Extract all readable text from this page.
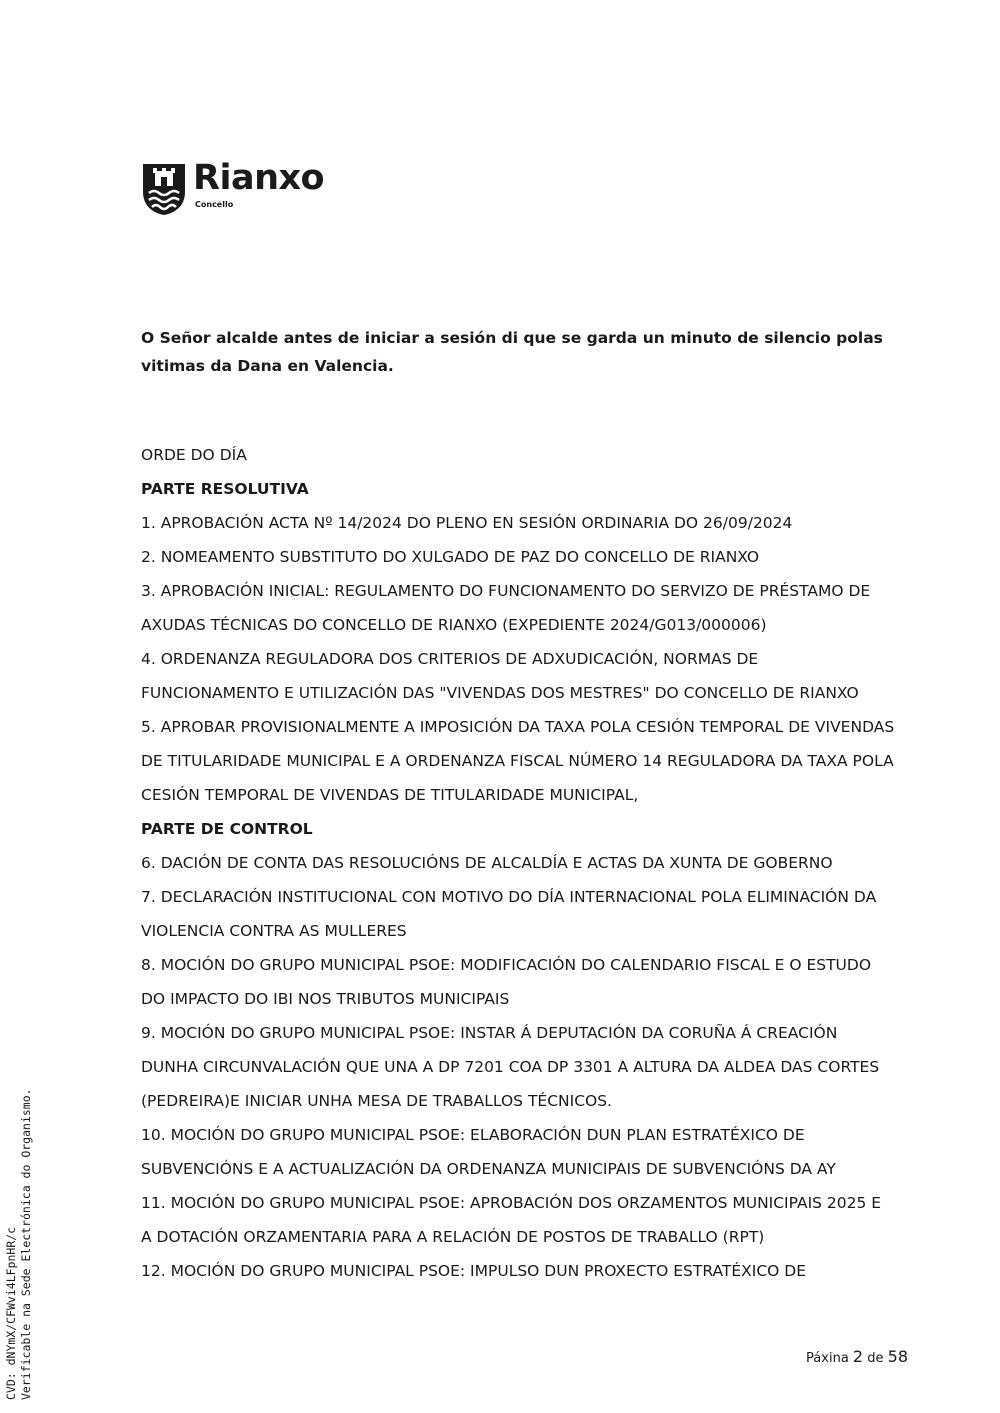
Rianxo
Concello

O Señor alcalde antes de iniciar a sesión di que se garda un minuto de silencio polas vitimas da Dana en Valencia.

ORDE DO DÍA

PARTE RESOLUTIVA

1. APROBACIÓN ACTA Nº 14/2024 DO PLENO EN SESIÓN ORDINARIA DO 26/09/2024

2. NOMEAMENTO SUBSTITUTO DO XULGADO DE PAZ DO CONCELLO DE RIANXO

3. APROBACIÓN INICIAL: REGULAMENTO DO FUNCIONAMENTO DO SERVIZO DE PRÉSTAMO DE

AXUDAS TÉCNICAS DO CONCELLO DE RIANXO (EXPEDIENTE 2024/G013/000006)

4. ORDENANZA REGULADORA DOS CRITERIOS DE ADXUDICACIÓN, NORMAS DE

FUNCIONAMENTO E UTILIZACIÓN DAS "VIVENDAS DOS MESTRES" DO CONCELLO DE RIANXO

5. APROBAR PROVISIONALMENTE A IMPOSICIÓN DA TAXA POLA CESIÓN TEMPORAL DE VIVENDAS

DE TITULARIDADE MUNICIPAL E A ORDENANZA FISCAL NÚMERO 14 REGULADORA DA TAXA POLA

CESIÓN TEMPORAL DE VIVENDAS DE TITULARIDADE MUNICIPAL,

PARTE DE CONTROL

6. DACIÓN DE CONTA DAS RESOLUCIÓNS DE ALCALDÍA E ACTAS DA XUNTA DE GOBERNO

7. DECLARACIÓN INSTITUCIONAL CON MOTIVO DO DÍA INTERNACIONAL POLA ELIMINACIÓN DA

VIOLENCIA CONTRA AS MULLERES

8. MOCIÓN DO GRUPO MUNICIPAL PSOE: MODIFICACIÓN DO CALENDARIO FISCAL E O ESTUDO

DO IMPACTO DO IBI NOS TRIBUTOS MUNICIPAIS

9. MOCIÓN DO GRUPO MUNICIPAL PSOE: INSTAR Á DEPUTACIÓN DA CORUÑA Á CREACIÓN

DUNHA CIRCUNVALACIÓN QUE UNA A DP 7201 COA DP 3301 A ALTURA DA ALDEA DAS CORTES

(PEDREIRA)E INICIAR UNHA MESA DE TRABALLOS TÉCNICOS.

10. MOCIÓN DO GRUPO MUNICIPAL PSOE: ELABORACIÓN DUN PLAN ESTRATÉXICO DE

SUBVENCIÓNS E A ACTUALIZACIÓN DA ORDENANZA MUNICIPAIS DE SUBVENCIÓNS DA AY

11. MOCIÓN DO GRUPO MUNICIPAL PSOE: APROBACIÓN DOS ORZAMENTOS MUNICIPAIS 2025 E

A DOTACIÓN ORZAMENTARIA PARA A RELACIÓN DE POSTOS DE TRABALLO (RPT)

12. MOCIÓN DO GRUPO MUNICIPAL PSOE: IMPULSO DUN PROXECTO ESTRATÉXICO DE

Páxina 2 de 58
CVD: dNYmX/CFWvi4LFpnHR/c Verificable na Sede Electrónica do Organismo.
